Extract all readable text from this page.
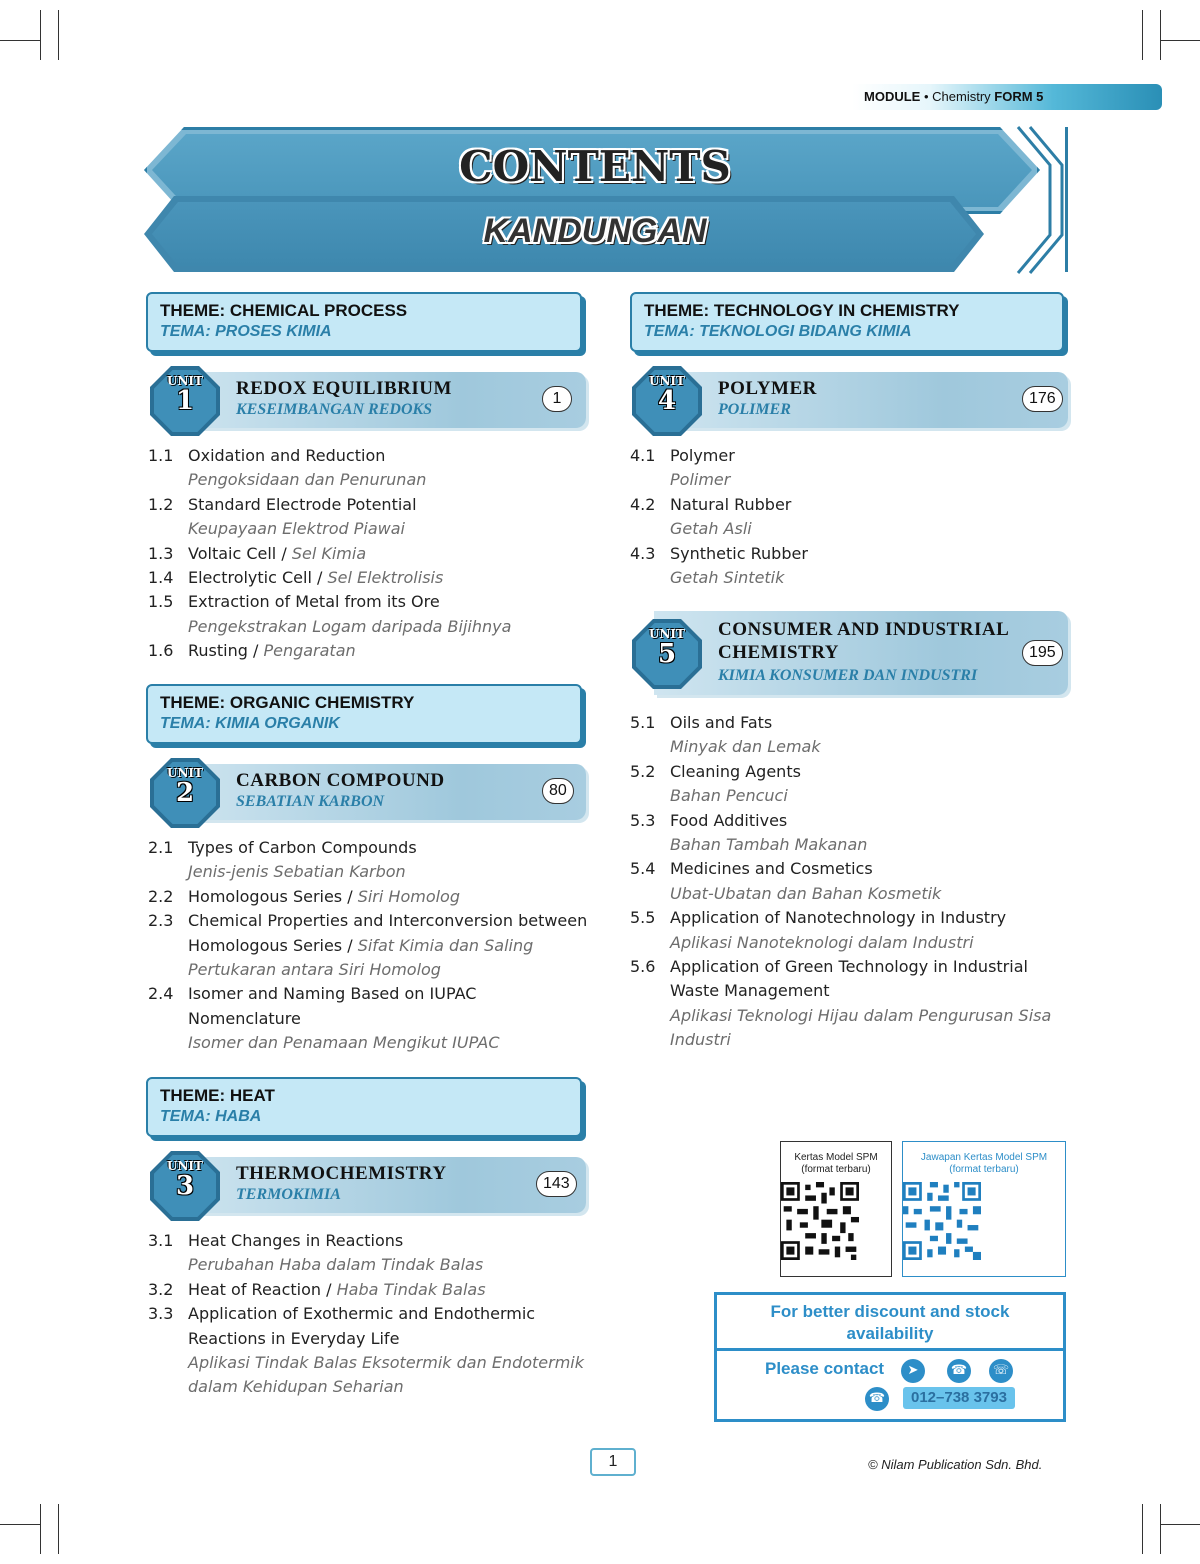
MODULE • Chemistry FORM 5
CONTENTS
KANDUNGAN
THEME: CHEMICAL PROCESS
TEMA: PROSES KIMIA
UNIT
1	REDOX EQUILIBRIUM
KESEIMBANGAN REDOKS
1
1.1 Oxidation and Reduction
Pengoksidaan dan Penurunan
1.2 Standard Electrode Potential
Keupayaan Elektrod Piawai
1.3 Voltaic Cell / Sel Kimia
1.4 Electrolytic Cell / Sel Elektrolisis
1.5 Extraction of Metal from its Ore
Pengekstrakan Logam daripada Bijihnya
1.6 Rusting / Pengaratan
THEME: ORGANIC CHEMISTRY
TEMA: KIMIA ORGANIK
UNIT
2	CARBON COMPOUND
SEBATIAN KARBON
80
2.1 Types of Carbon Compounds
Jenis-jenis Sebatian Karbon
2.2 Homologous Series / Siri Homolog
2.3 Chemical Properties and Interconversion between Homologous Series / Sifat Kimia dan Saling Pertukaran antara Siri Homolog
2.4 Isomer and Naming Based on IUPAC Nomenclature
Isomer dan Penamaan Mengikut IUPAC
THEME: HEAT
TEMA: HABA
UNIT
3	THERMOCHEMISTRY
TERMOKIMIA
143
3.1 Heat Changes in Reactions
Perubahan Haba dalam Tindak Balas
3.2 Heat of Reaction / Haba Tindak Balas
3.3 Application of Exothermic and Endothermic Reactions in Everyday Life
Aplikasi Tindak Balas Eksotermik dan Endotermik dalam Kehidupan Seharian
THEME: TECHNOLOGY IN CHEMISTRY
TEMA: TEKNOLOGI BIDANG KIMIA
UNIT
4	POLYMER
POLIMER
176
4.1 Polymer
Polimer
4.2 Natural Rubber
Getah Asli
4.3 Synthetic Rubber
Getah Sintetik
UNIT
5
CONSUMER AND INDUSTRIAL
CHEMISTRY
KIMIA KONSUMER DAN INDUSTRI
195
5.1 Oils and Fats
Minyak dan Lemak
5.2 Cleaning Agents
Bahan Pencuci
5.3 Food Additives
Bahan Tambah Makanan
5.4 Medicines and Cosmetics
Ubat-Ubatan dan Bahan Kosmetik
5.5 Application of Nanotechnology in Industry
Aplikasi Nanoteknologi dalam Industri
5.6 Application of Green Technology in Industrial Waste Management
Aplikasi Teknologi Hijau dalam Pengurusan Sisa Industri
Kertas Model SPM
(format terbaru)
Jawapan Kertas Model SPM
(format terbaru)
For better discount and stock
availability
Please contact	➤	☎	☏
☎	012–738 3793
1	© Nilam Publication Sdn. Bhd.
